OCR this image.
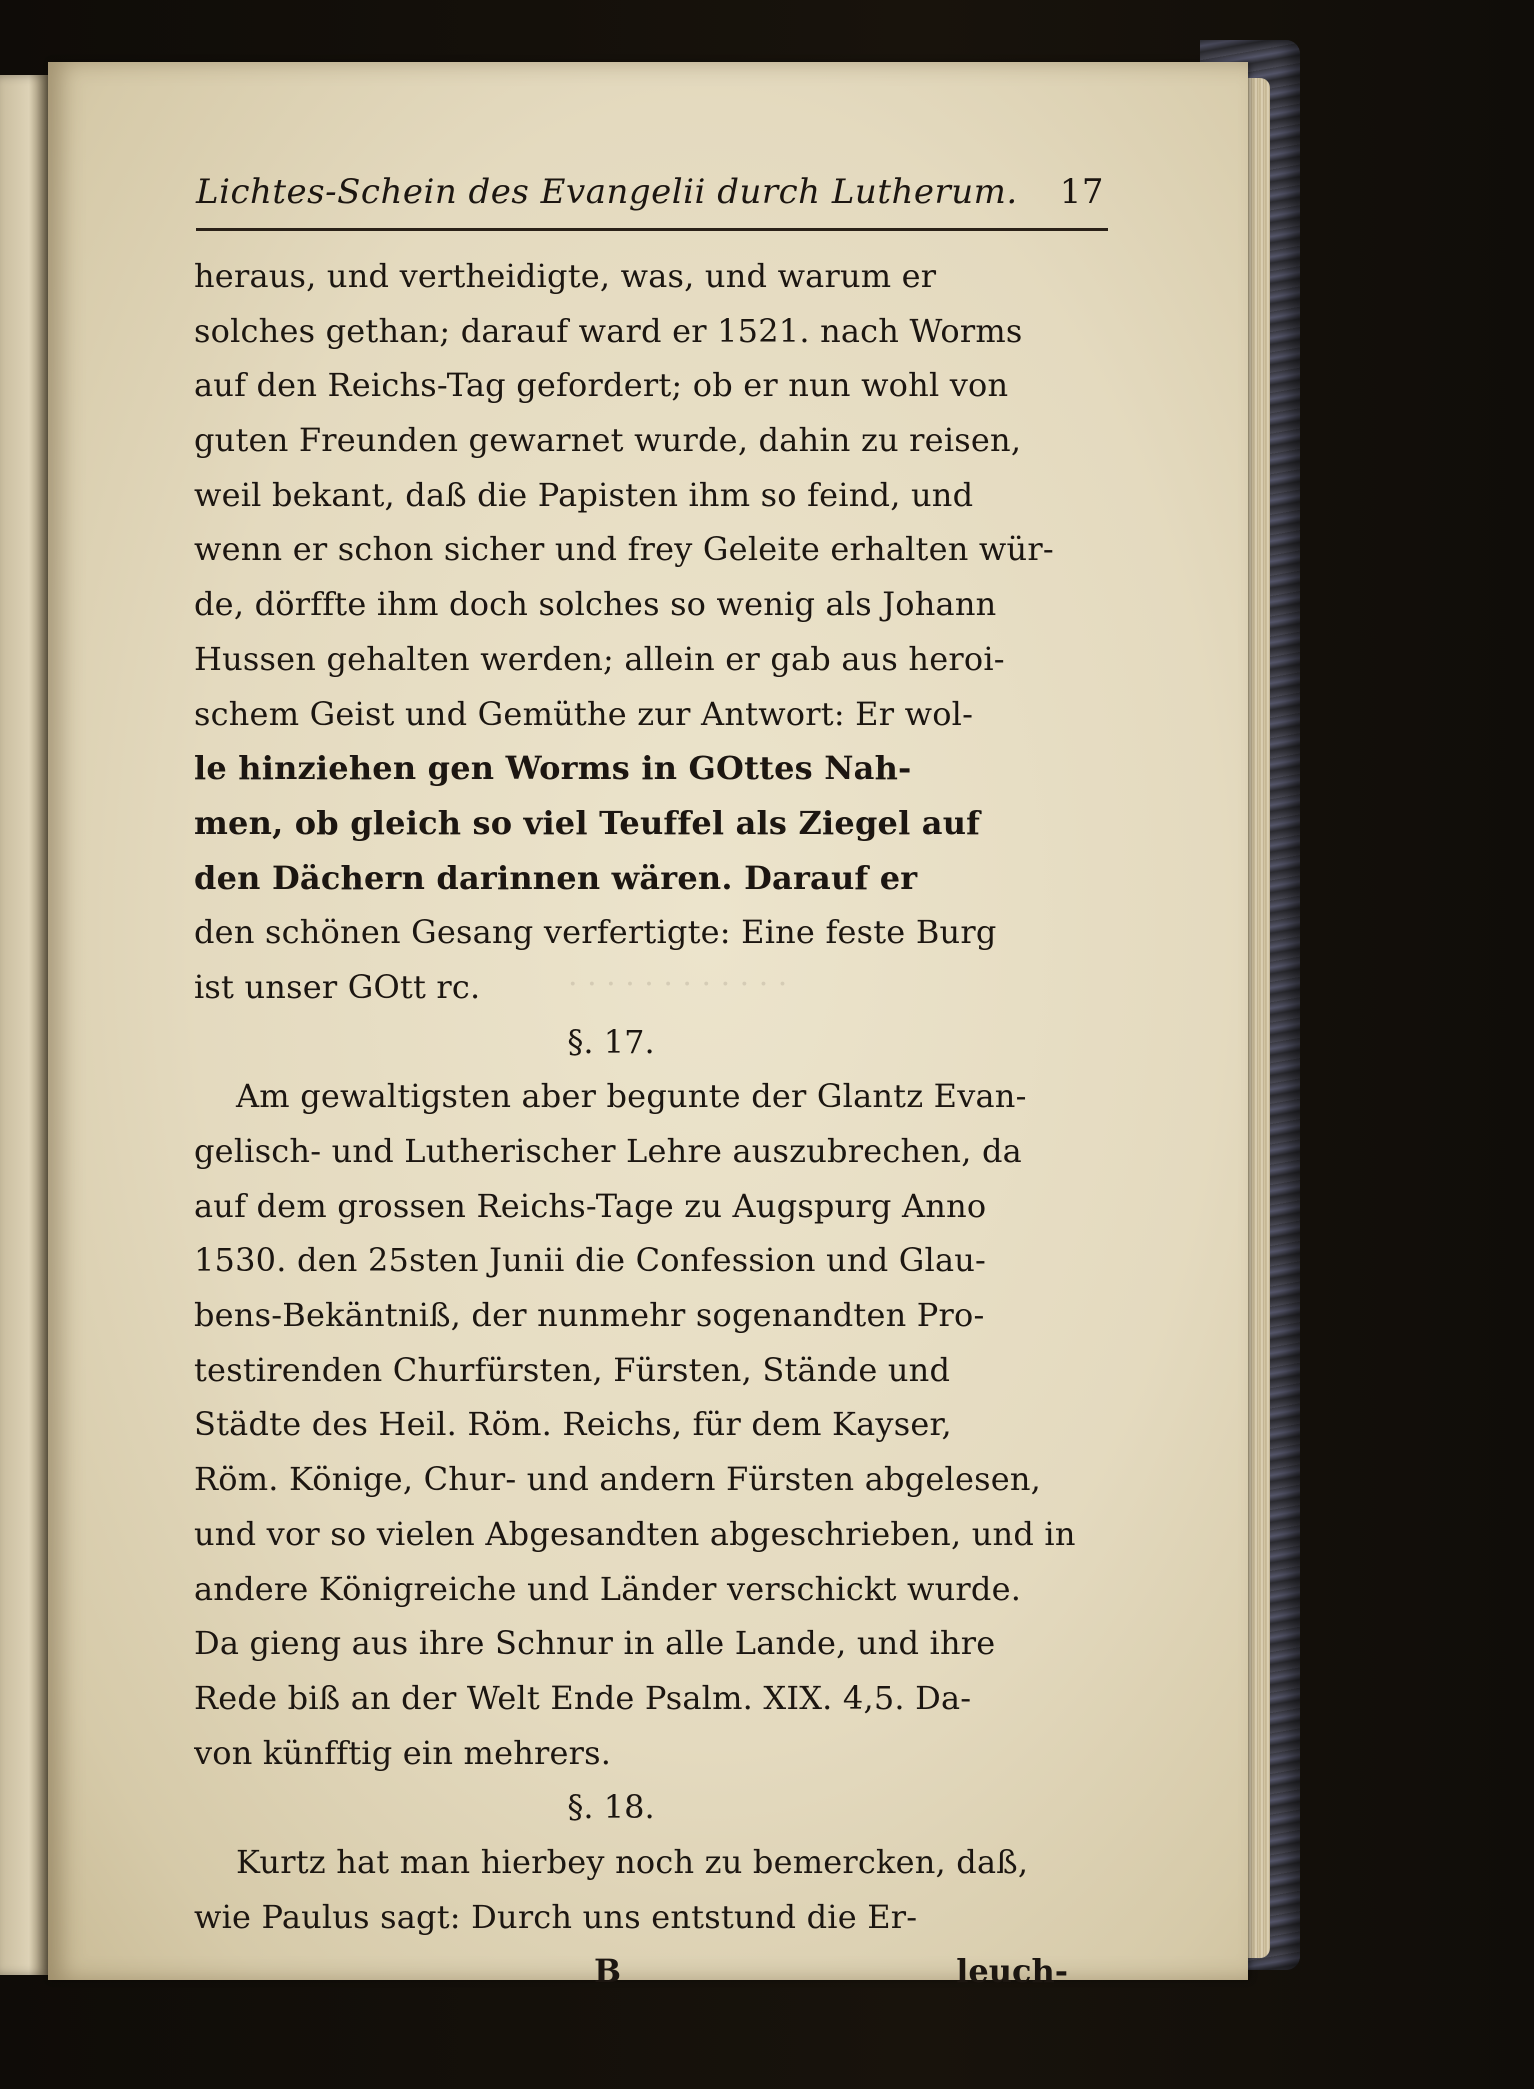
· · · · · · · · · · · ·
Lichtes-Schein des Evangelii durch Lutherum. 17
heraus, und vertheidigte, was, und warum er
solches gethan; darauf ward er 1521. nach Worms
auf den Reichs-Tag gefordert; ob er nun wohl von
guten Freunden gewarnet wurde, dahin zu reisen,
weil bekant, daß die Papisten ihm so feind, und
wenn er schon sicher und frey Geleite erhalten wür-
de, dörffte ihm doch solches so wenig als Johann
Hussen gehalten werden; allein er gab aus heroi-
schem Geist und Gemüthe zur Antwort: Er wol-
le hinziehen gen Worms in GOttes Nah-
men, ob gleich so viel Teuffel als Ziegel auf
den Dächern darinnen wären. Darauf er
den schönen Gesang verfertigte: Eine feste Burg
ist unser GOtt rc.
§. 17.
Am gewaltigsten aber begunte der Glantz Evan-
gelisch- und Lutherischer Lehre auszubrechen, da
auf dem grossen Reichs-Tage zu Augspurg Anno
1530. den 25sten Junii die Confession und Glau-
bens-Bekäntniß, der nunmehr sogenandten Pro-
testirenden Churfürsten, Fürsten, Stände und
Städte des Heil. Röm. Reichs, für dem Kayser,
Röm. Könige, Chur- und andern Fürsten abgelesen,
und vor so vielen Abgesandten abgeschrieben, und in
andere Königreiche und Länder verschickt wurde.
Da gieng aus ihre Schnur in alle Lande, und ihre
Rede biß an der Welt Ende Psalm. XIX. 4,5. Da-
von künfftig ein mehrers.
§. 18.
Kurtz hat man hierbey noch zu bemercken, daß,
wie Paulus sagt: Durch uns entstund die Er-
B	leuch-
